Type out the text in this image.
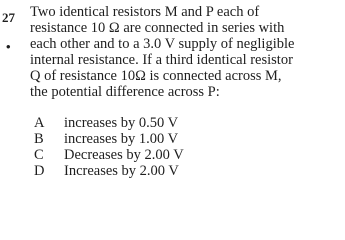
27
•
Two identical resistors M and P each of
resistance 10 Ω are connected in series with
each other and to a 3.0 V supply of negligible
internal resistance. If a third identical resistor
Q of resistance 10Ω is connected across M,
the potential difference across P:
A	increases by 0.50 V
B	increases by 1.00 V
C	Decreases by 2.00 V
D	Increases by 2.00 V
